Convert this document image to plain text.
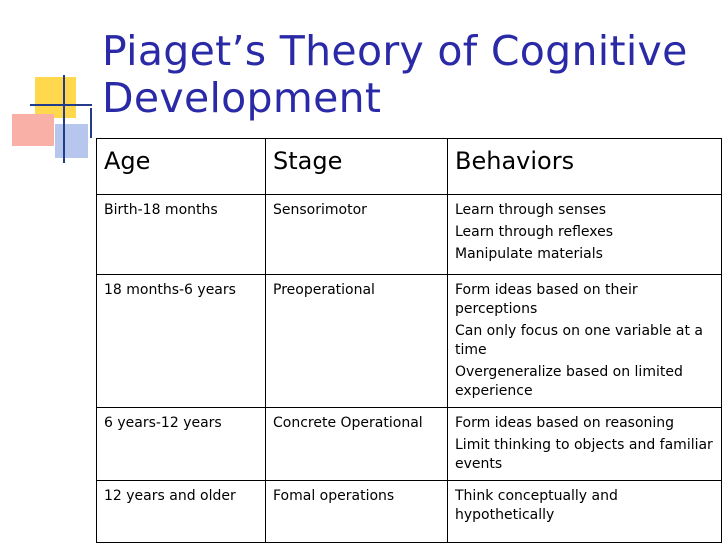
Piaget’s Theory of Cognitive Development
Age	Stage	Behaviors
Birth-18 months	Sensorimotor	Learn through senses
Learn through reflexes
Manipulate materials

18 months-6 years	Preoperational	Form ideas based on their perceptions
Can only focus on one variable at a time
Overgeneralize based on limited experience

6 years-12 years	Concrete Operational	Form ideas based on reasoning
Limit thinking to objects and familiar events

12 years and older	Fomal operations	Think conceptually and hypothetically
